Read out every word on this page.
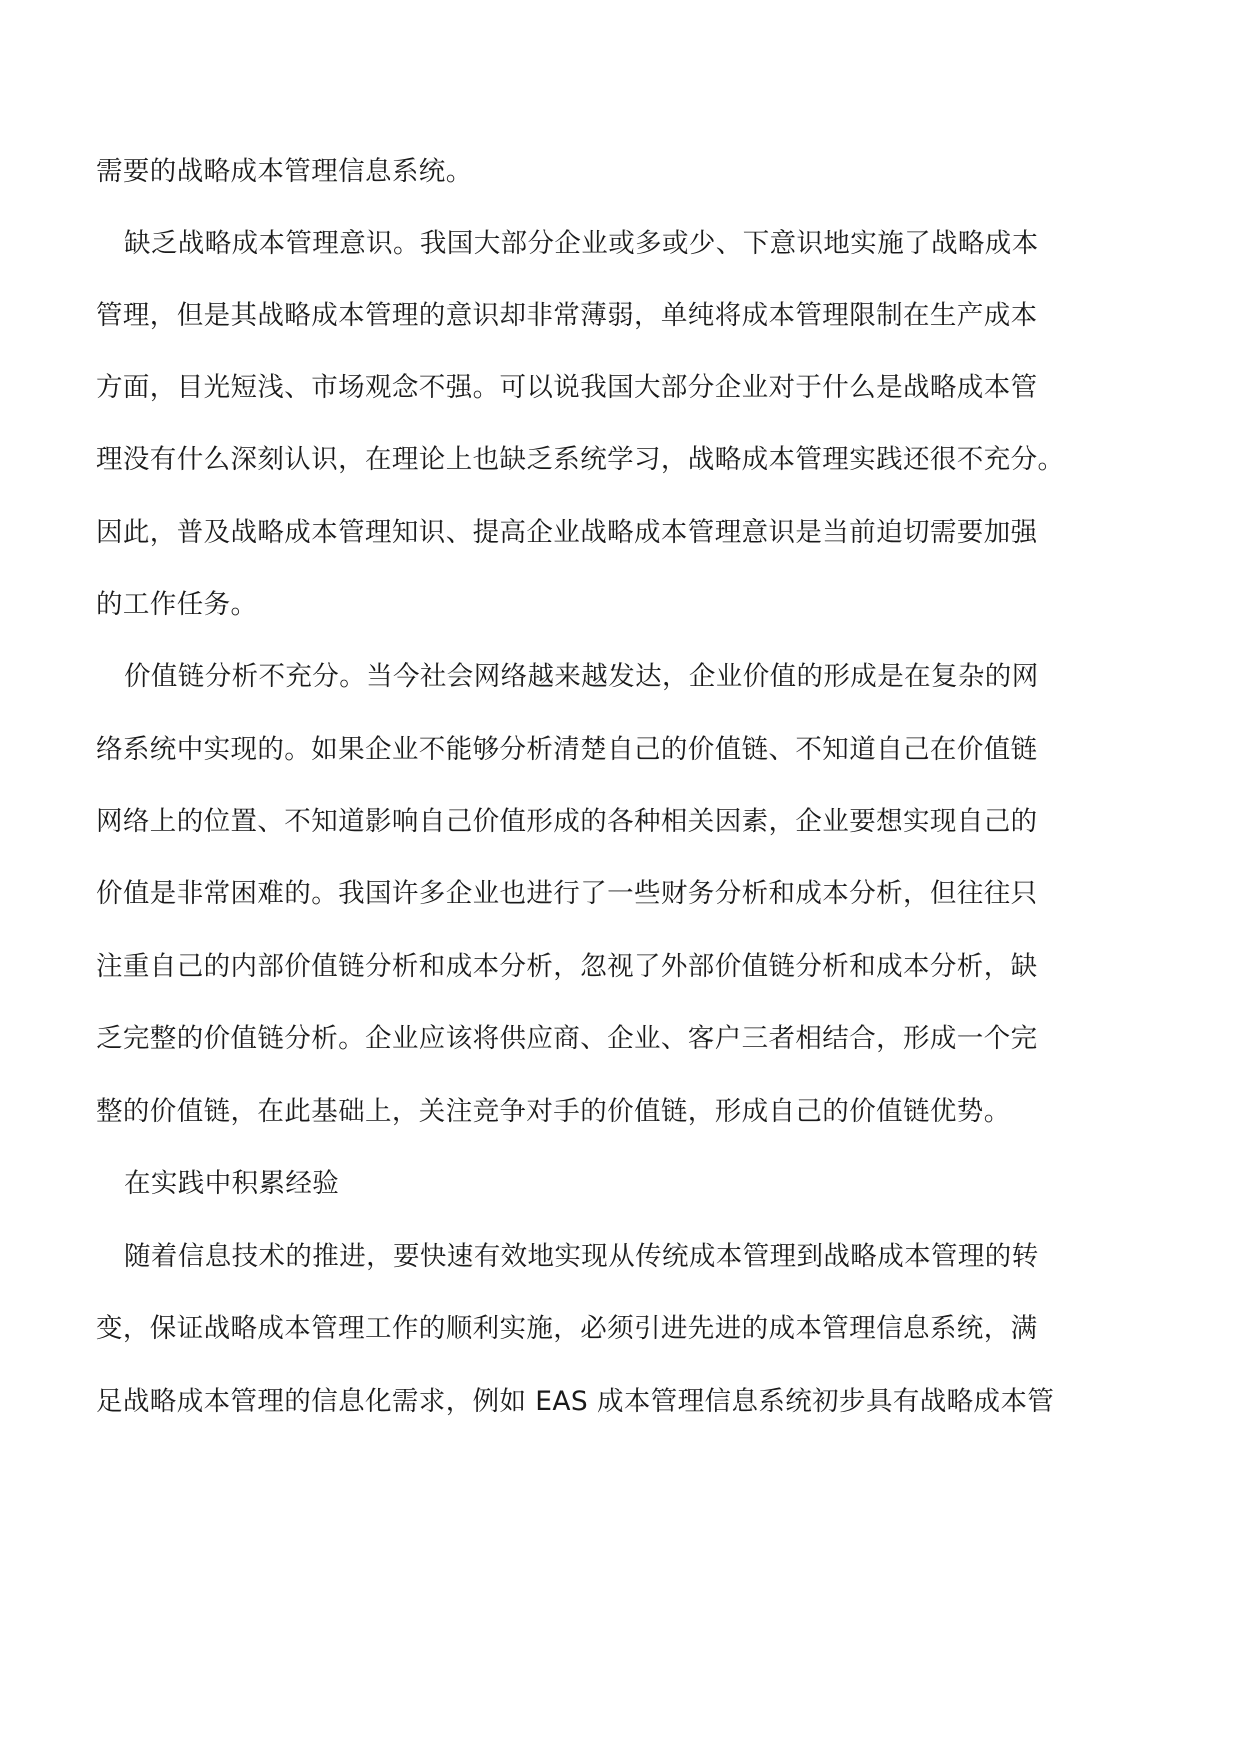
需要的战略成本管理信息系统。
缺乏战略成本管理意识。我国大部分企业或多或少、下意识地实施了战略成本
管理，但是其战略成本管理的意识却非常薄弱，单纯将成本管理限制在生产成本
方面，目光短浅、市场观念不强。可以说我国大部分企业对于什么是战略成本管
理没有什么深刻认识，在理论上也缺乏系统学习，战略成本管理实践还很不充分。
因此，普及战略成本管理知识、提高企业战略成本管理意识是当前迫切需要加强
的工作任务。
价值链分析不充分。当今社会网络越来越发达，企业价值的形成是在复杂的网
络系统中实现的。如果企业不能够分析清楚自己的价值链、不知道自己在价值链
网络上的位置、不知道影响自己价值形成的各种相关因素，企业要想实现自己的
价值是非常困难的。我国许多企业也进行了一些财务分析和成本分析，但往往只
注重自己的内部价值链分析和成本分析，忽视了外部价值链分析和成本分析，缺
乏完整的价值链分析。企业应该将供应商、企业、客户三者相结合，形成一个完
整的价值链，在此基础上，关注竞争对手的价值链，形成自己的价值链优势。
在实践中积累经验
随着信息技术的推进，要快速有效地实现从传统成本管理到战略成本管理的转
变，保证战略成本管理工作的顺利实施，必须引进先进的成本管理信息系统，满
足战略成本管理的信息化需求，例如 EAS 成本管理信息系统初步具有战略成本管
